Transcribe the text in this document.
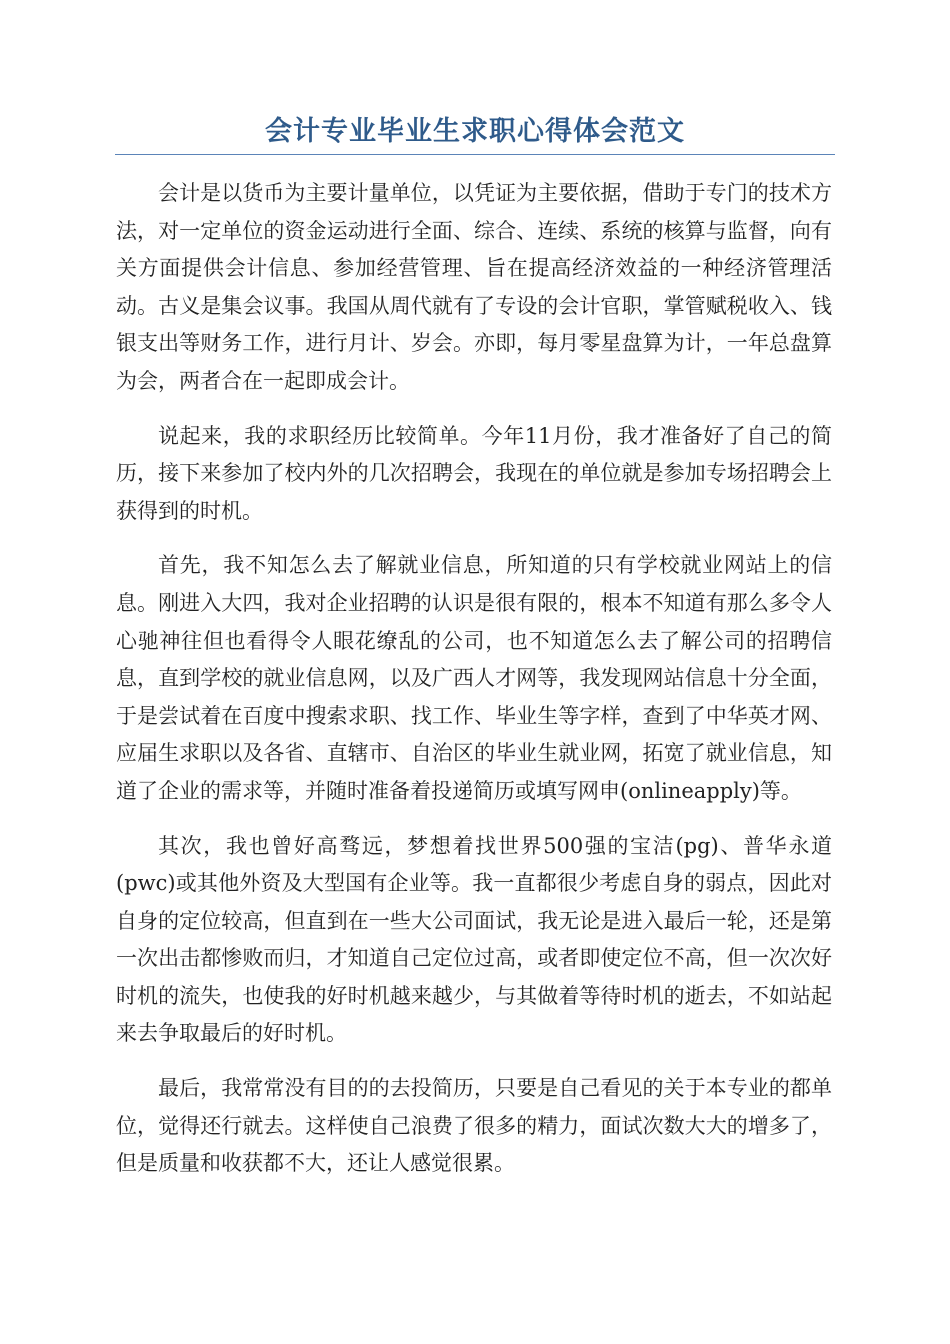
会计专业毕业生求职心得体会范文

会计是以货币为主要计量单位，以凭证为主要依据，借助于专门的技术方法，对一定单位的资金运动进行全面、综合、连续、系统的核算与监督，向有关方面提供会计信息、参加经营管理、旨在提高经济效益的一种经济管理活动。古义是集会议事。我国从周代就有了专设的会计官职，掌管赋税收入、钱银支出等财务工作，进行月计、岁会。亦即，每月零星盘算为计，一年总盘算为会，两者合在一起即成会计。

说起来，我的求职经历比较简单。今年11月份，我才准备好了自己的简历，接下来参加了校内外的几次招聘会，我现在的单位就是参加专场招聘会上获得到的时机。

首先，我不知怎么去了解就业信息，所知道的只有学校就业网站上的信息。刚进入大四，我对企业招聘的认识是很有限的，根本不知道有那么多令人心驰神往但也看得令人眼花缭乱的公司，也不知道怎么去了解公司的招聘信息，直到学校的就业信息网，以及广西人才网等，我发现网站信息十分全面，于是尝试着在百度中搜索求职、找工作、毕业生等字样，查到了中华英才网、应届生求职以及各省、直辖市、自治区的毕业生就业网，拓宽了就业信息，知道了企业的需求等，并随时准备着投递简历或填写网申(onlineapply)等。

其次，我也曾好高骛远，梦想着找世界500强的宝洁(pg)、普华永道(pwc)或其他外资及大型国有企业等。我一直都很少考虑自身的弱点，因此对自身的定位较高，但直到在一些大公司面试，我无论是进入最后一轮，还是第一次出击都惨败而归，才知道自己定位过高，或者即使定位不高，但一次次好时机的流失，也使我的好时机越来越少，与其做着等待时机的逝去，不如站起来去争取最后的好时机。

最后，我常常没有目的的去投简历，只要是自己看见的关于本专业的都单位，觉得还行就去。这样使自己浪费了很多的精力，面试次数大大的增多了，但是质量和收获都不大，还让人感觉很累。
